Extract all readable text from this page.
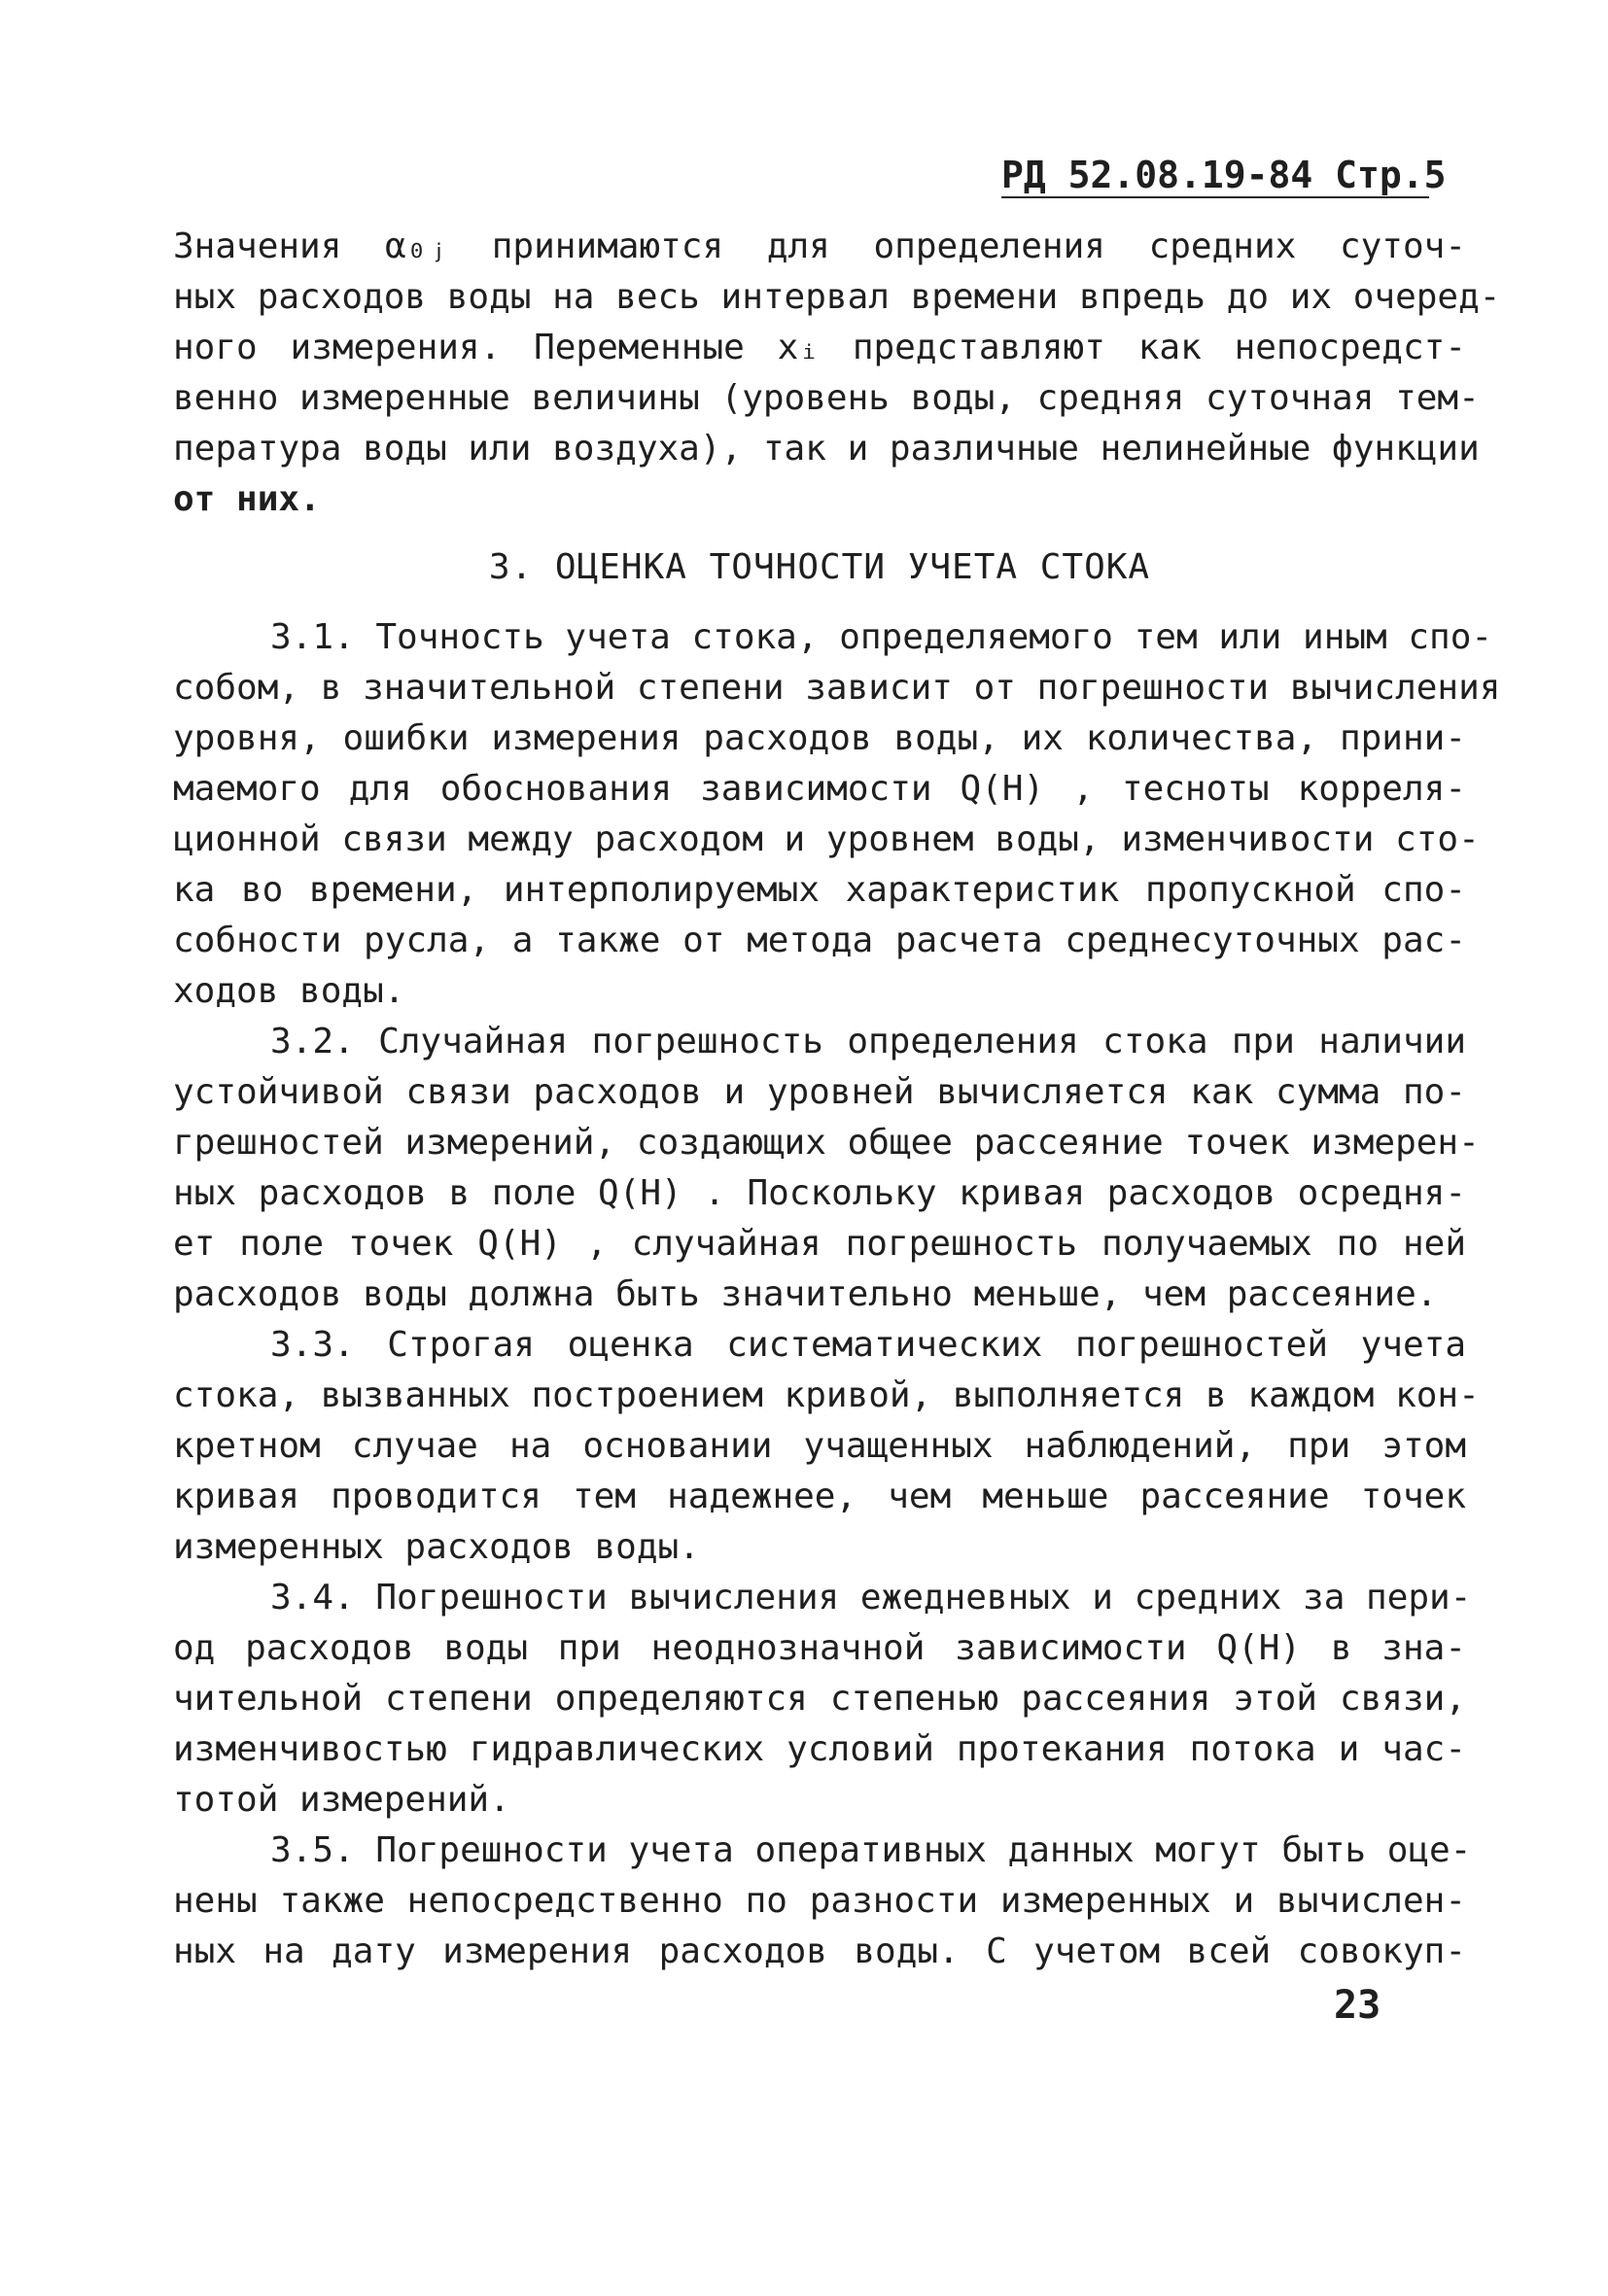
РД 52.08.19-84 Стр.5
Значения α₀ⱼ принимаются для определения средних суточ-
ных расходов воды на весь интервал времени впредь до их очеред-
ного измерения. Переменные xᵢ представляют как непосредст-
венно измеренные величины (уровень воды, средняя суточная тем-
пература воды или воздуха), так и различные нелинейные функции
от них.
3. ОЦЕНКА ТОЧНОСТИ УЧЕТА СТОКА
3.1. Точность учета стока, определяемого тем или иным спо-
собом, в значительной степени зависит от погрешности вычисления
уровня, ошибки измерения расходов воды, их количества, прини-
маемого для обоснования зависимости Q(H) , тесноты корреля-
ционной связи между расходом и уровнем воды, изменчивости сто-
ка во времени, интерполируемых характеристик пропускной спо-
собности русла, а также от метода расчета среднесуточных рас-
ходов воды.
3.2. Случайная погрешность определения стока при наличии
устойчивой связи расходов и уровней вычисляется как сумма по-
грешностей измерений, создающих общее рассеяние точек измерен-
ных расходов в поле Q(H) . Поскольку кривая расходов осредня-
ет поле точек Q(H) , случайная погрешность получаемых по ней
расходов воды должна быть значительно меньше, чем рассеяние.
3.3. Строгая оценка систематических погрешностей учета
стока, вызванных построением кривой, выполняется в каждом кон-
кретном случае на основании учащенных наблюдений, при этом
кривая проводится тем надежнее, чем меньше рассеяние точек
измеренных расходов воды.
3.4. Погрешности вычисления ежедневных и средних за пери-
од расходов воды при неоднозначной зависимости Q(H) в зна-
чительной степени определяются степенью рассеяния этой связи,
изменчивостью гидравлических условий протекания потока и час-
тотой измерений.
3.5. Погрешности учета оперативных данных могут быть оце-
нены также непосредственно по разности измеренных и вычислен-
ных на дату измерения расходов воды. С учетом всей совокуп-
23
